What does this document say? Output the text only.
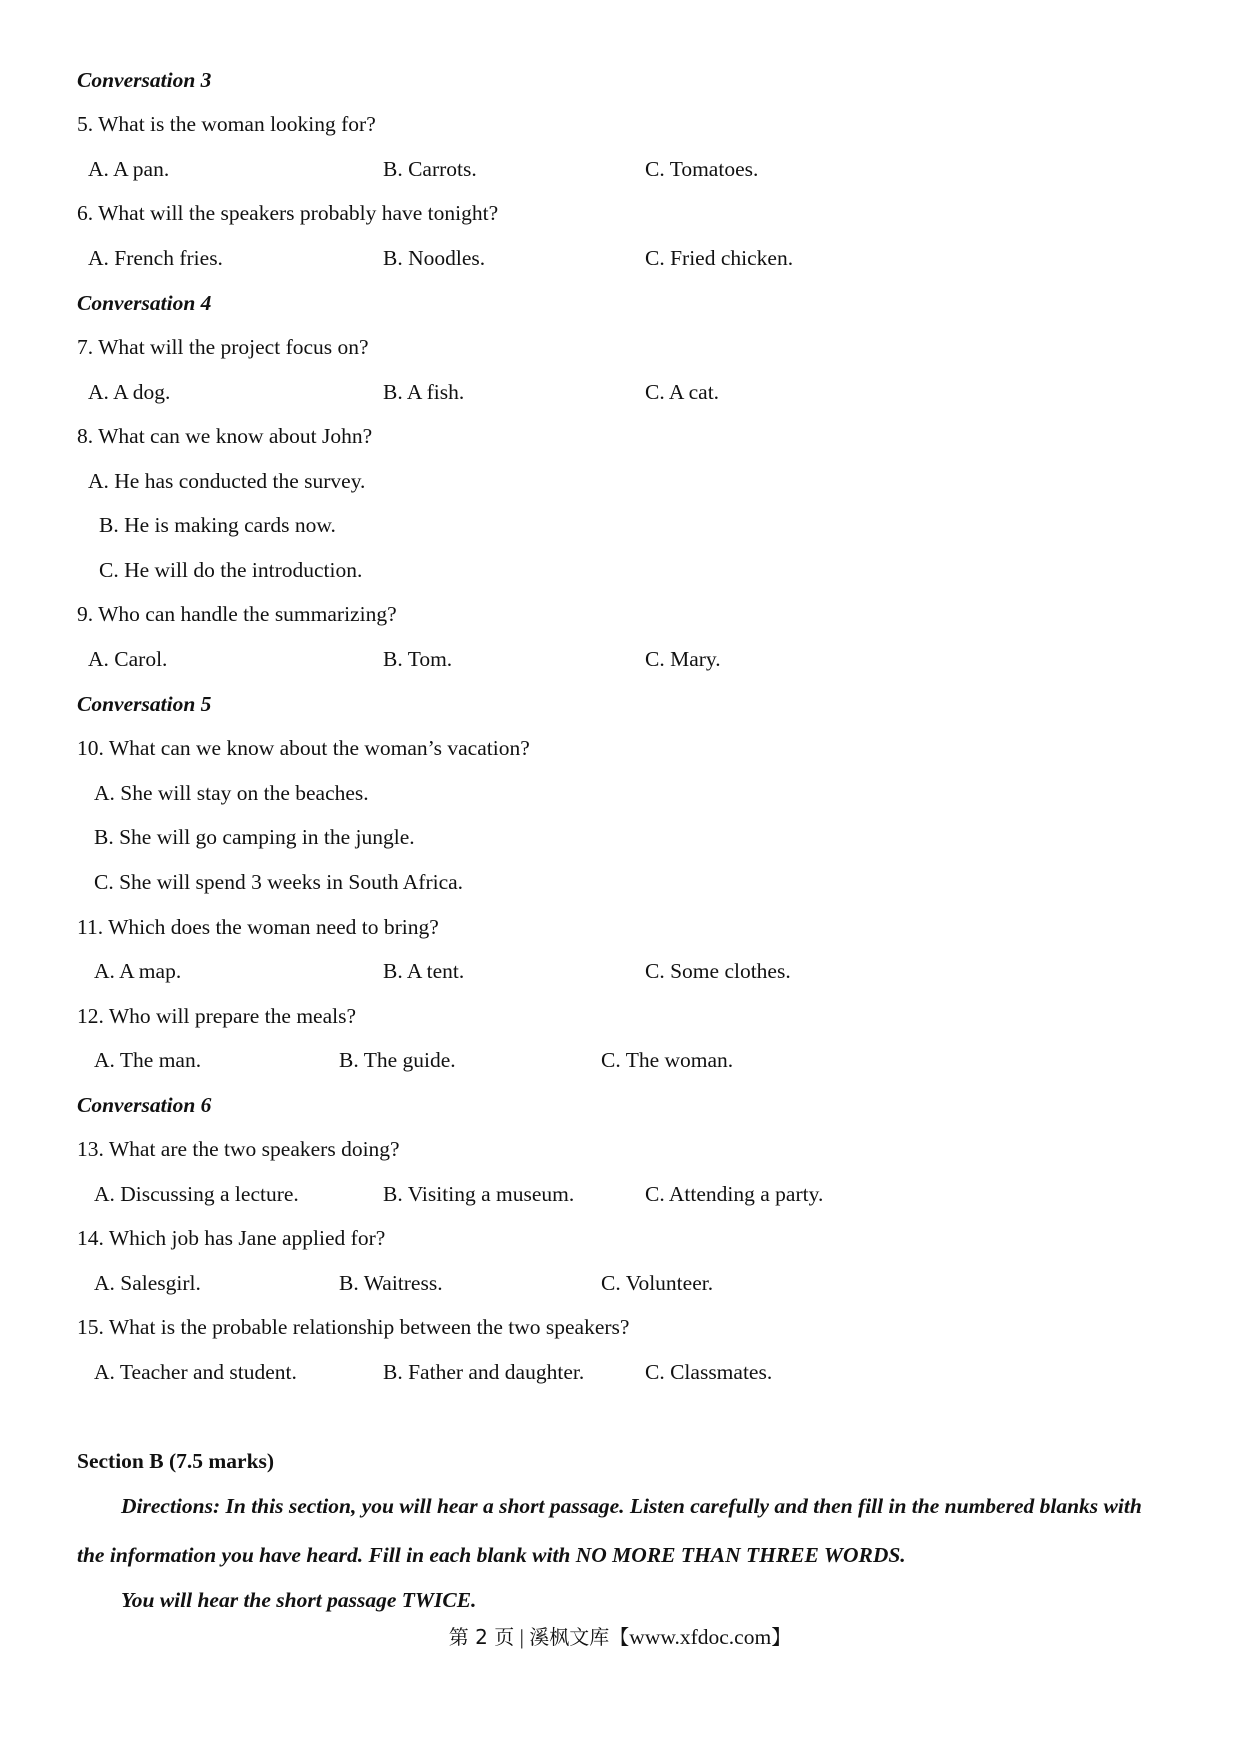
Conversation 3
5. What is the woman looking for?
A. A pan.	B. Carrots.	C. Tomatoes.
6. What will the speakers probably have tonight?
A. French fries.	B. Noodles.	C. Fried chicken.
Conversation 4
7. What will the project focus on?
A. A dog.	B. A fish.	C. A cat.
8. What can we know about John?
A. He has conducted the survey.
B. He is making cards now.
C. He will do the introduction.
9. Who can handle the summarizing?
A. Carol.	B. Tom.	C. Mary.
Conversation 5
10. What can we know about the woman’s vacation?
A. She will stay on the beaches.
B. She will go camping in the jungle.
C. She will spend 3 weeks in South Africa.
11. Which does the woman need to bring?
A. A map.	B. A tent.	C. Some clothes.
12. Who will prepare the meals?
A. The man.	B. The guide.	C. The woman.
Conversation 6
13. What are the two speakers doing?
A. Discussing a lecture.	B. Visiting a museum.	C. Attending a party.
14. Which job has Jane applied for?
A. Salesgirl.	B. Waitress.	C. Volunteer.
15. What is the probable relationship between the two speakers?
A. Teacher and student.	B. Father and daughter.	C. Classmates.
Section B (7.5 marks)
Directions: In this section, you will hear a short passage. Listen carefully and then fill in the numbered blanks with
the information you have heard. Fill in each blank with NO MORE THAN THREE WORDS.
You will hear the short passage TWICE.
第 2 页 | 溪枫文库【www.xfdoc.com】
